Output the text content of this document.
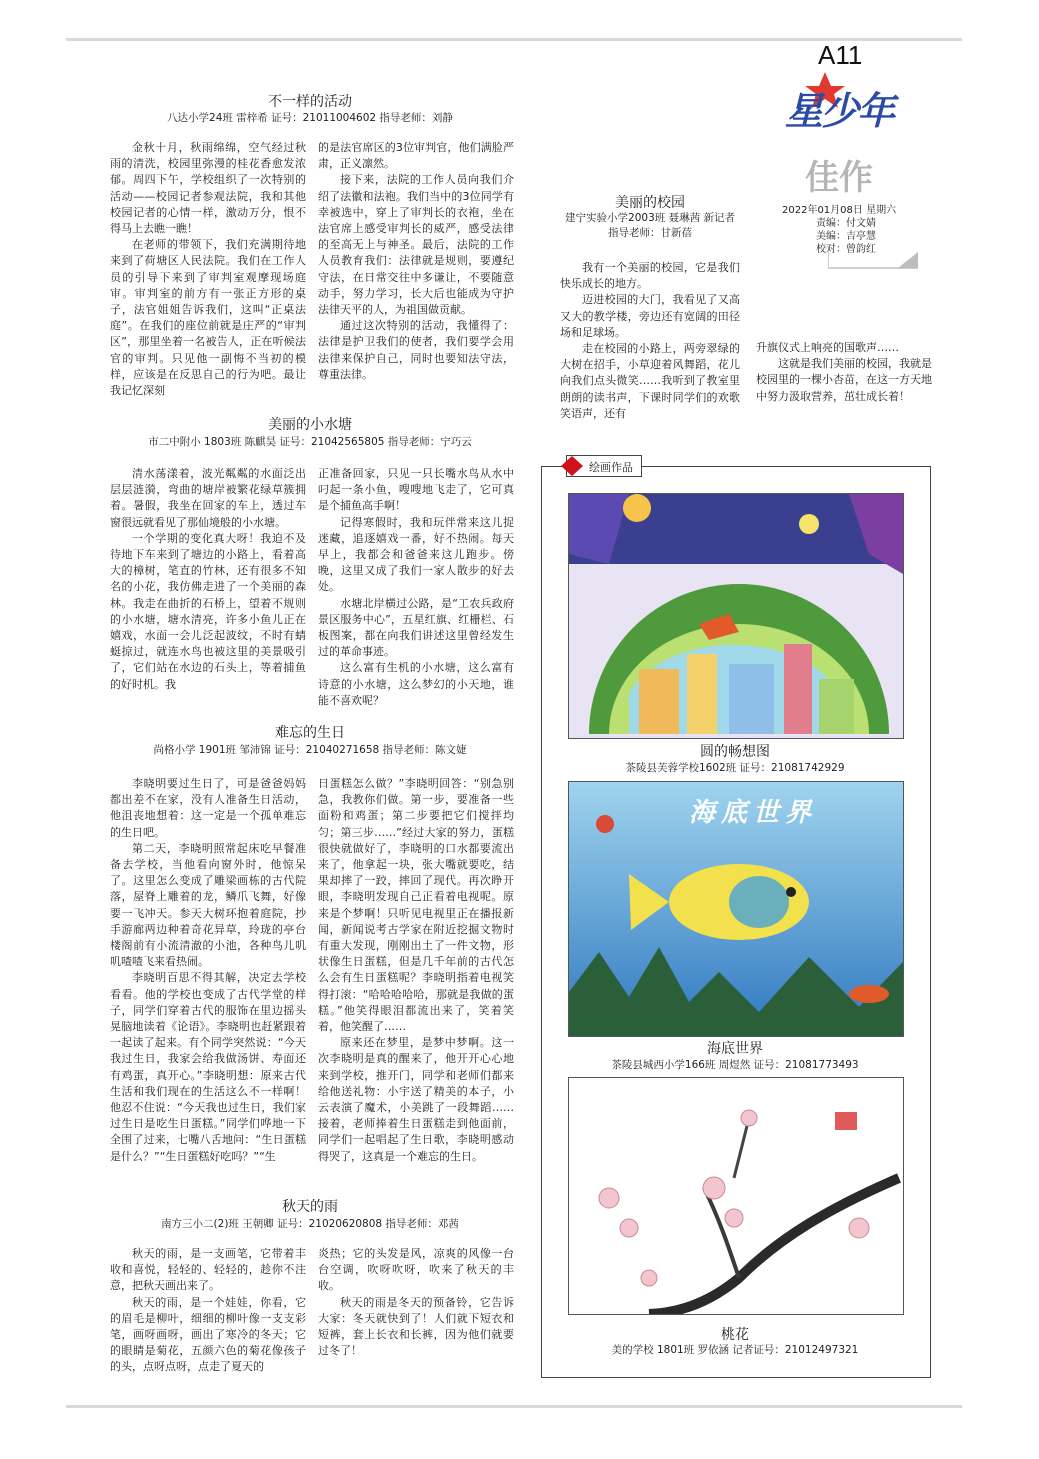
A11
星少年
佳作
2022年01月08日 星期六
责编：付文婧
美编：吉亭慧
校对：曾韵红
不一样的活动
八达小学24班 雷梓希 证号：21011004602 指导老师：刘静

金秋十月，秋雨绵绵，空气经过秋雨的清洗，校园里弥漫的桂花香愈发浓郁。周四下午，学校组织了一次特别的活动——校园记者参观法院，我和其他校园记者的心情一样，激动万分，恨不得马上去瞧一瞧！

在老师的带领下，我们充满期待地来到了荷塘区人民法院。我们在工作人员的引导下来到了审判室观摩现场庭审。审判室的前方有一张正方形的桌子，法官姐姐告诉我们，这叫“正桌法庭”。在我们的座位前就是庄严的“审判区”，那里坐着一名被告人，正在听候法官的审判。只见他一副悔不当初的模样，应该是在反思自己的行为吧。最让我记忆深刻

的是法官席区的3位审判官，他们满脸严肃，正义凛然。

接下来，法院的工作人员向我们介绍了法徽和法袍。我们当中的3位同学有幸被选中，穿上了审判长的衣袍，坐在法官席上感受审判长的威严，感受法律的至高无上与神圣。最后，法院的工作人员教育我们：法律就是规则，要遵纪守法，在日常交往中多谦让，不要随意动手，努力学习，长大后也能成为守护法律天平的人，为祖国做贡献。

通过这次特别的活动，我懂得了：法律是护卫我们的使者，我们要学会用法律来保护自己，同时也要知法守法，尊重法律。

美丽的小水塘
市二中附小 1803班 陈麒昊 证号：21042565805 指导老师：宁巧云

清水荡漾着，波光粼粼的水面泛出层层涟漪，弯曲的塘岸被繁花绿草簇拥着。暑假，我坐在回家的车上，透过车窗很远就看见了那仙境般的小水塘。

一个学期的变化真大呀！我迫不及待地下车来到了塘边的小路上，看着高大的樟树，笔直的竹林，还有很多不知名的小花，我仿佛走进了一个美丽的森林。我走在曲折的石桥上，望着不规则的小水塘，塘水清亮，许多小鱼儿正在嬉戏，水面一会儿泛起波纹，不时有蜻蜓掠过，就连水鸟也被这里的美景吸引了，它们站在水边的石头上，等着捕鱼的好时机。我

正准备回家，只见一只长嘴水鸟从水中叼起一条小鱼，嗖嗖地飞走了，它可真是个捕鱼高手啊！

记得寒假时，我和玩伴常来这儿捉迷藏，追逐嬉戏一番，好不热闹。每天早上，我都会和爸爸来这儿跑步。傍晚，这里又成了我们一家人散步的好去处。

水塘北岸横过公路，是“工农兵政府景区服务中心”，五星红旗、红栅栏、石板图案，都在向我们讲述这里曾经发生过的革命事迹。

这么富有生机的小水塘，这么富有诗意的小水塘，这么梦幻的小天地，谁能不喜欢呢？

难忘的生日
尚格小学 1901班 邹沛锦 证号：21040271658 指导老师：陈文婕

李晓明要过生日了，可是爸爸妈妈都出差不在家，没有人准备生日活动，他沮丧地想着：这一定是一个孤单难忘的生日吧。

第二天，李晓明照常起床吃早餐准备去学校，当他看向窗外时，他惊呆了。这里怎么变成了雕梁画栋的古代院落，屋脊上雕着的龙，鳞爪飞舞，好像要一飞冲天。参天大树环抱着庭院，抄手游廊两边种着奇花异草，玲珑的亭台楼阁前有小流清澈的小池，各种鸟儿叽叽喳喳飞来看热闹。

李晓明百思不得其解，决定去学校看看。他的学校也变成了古代学堂的样子，同学们穿着古代的服饰在里边摇头晃脑地读着《论语》。李晓明也赶紧跟着一起读了起来。有个同学突然说：“今天我过生日，我家会给我做汤饼、寿面还有鸡蛋，真开心。”李晓明想：原来古代生活和我们现在的生活这么不一样啊！他忍不住说：“今天我也过生日，我们家过生日是吃生日蛋糕。”同学们哗地一下全围了过来，七嘴八舌地问：“生日蛋糕是什么？”“生日蛋糕好吃吗？”“生

日蛋糕怎么做？”李晓明回答：“别急别急，我教你们做。第一步，要准备一些面粉和鸡蛋；第二步要把它们搅拌均匀；第三步……”经过大家的努力，蛋糕很快就做好了，李晓明的口水都要流出来了，他拿起一块，张大嘴就要吃，结果却摔了一跤，摔回了现代。再次睁开眼，李晓明发现自己正看着电视呢。原来是个梦啊！只听见电视里正在播报新闻，新闻说考古学家在附近挖掘文物时有重大发现，刚刚出土了一件文物，形状像生日蛋糕，但是几千年前的古代怎么会有生日蛋糕呢？李晓明指着电视笑得打滚：“哈哈哈哈哈，那就是我做的蛋糕。”他笑得眼泪都流出来了，笑着笑着，他笑醒了……

原来还在梦里，是梦中梦啊。这一次李晓明是真的醒来了，他开开心心地来到学校，推开门，同学和老师们都来给他送礼物：小宇送了精美的本子，小云表演了魔术，小美跳了一段舞蹈……接着，老师捧着生日蛋糕走到他面前，同学们一起唱起了生日歌，李晓明感动得哭了，这真是一个难忘的生日。

秋天的雨
南方三小二(2)班 王朝卿 证号：21020620808 指导老师：邓茜

秋天的雨，是一支画笔，它带着丰收和喜悦，轻轻的、轻轻的，趁你不注意，把秋天画出来了。

秋天的雨，是一个娃娃，你看，它的眉毛是柳叶，细细的柳叶像一支支彩笔，画呀画呀，画出了寒冷的冬天；它的眼睛是菊花，五颜六色的菊花像孩子的头，点呀点呀，点走了夏天的

炎热；它的头发是风，凉爽的风像一台台空调，吹呀吹呀，吹来了秋天的丰收。

秋天的雨是冬天的预备铃，它告诉大家：冬天就快到了！人们就下短衣和短裤，套上长衣和长裤，因为他们就要过冬了！

美丽的校园
建宁实验小学2003班 聂琳茜 新记者
指导老师：甘新蓓

我有一个美丽的校园，它是我们快乐成长的地方。

迈进校园的大门，我看见了又高又大的教学楼，旁边还有宽阔的田径场和足球场。

走在校园的小路上，两旁翠绿的大树在招手，小草迎着风舞蹈，花儿向我们点头微笑……我听到了教室里朗朗的读书声，下课时同学们的欢歌笑语声，还有

升旗仪式上响亮的国歌声……

这就是我们美丽的校园，我就是校园里的一棵小杏苗，在这一方天地中努力汲取营养，茁壮成长着！

绘画作品
圆的畅想图
茶陵县芙蓉学校1602班 证号：21081742929
海底世界
海底世界
茶陵县城西小学166班 周煜然 证号：21081773493
桃花
美的学校 1801班 罗依涵 记者证号：21012497321
